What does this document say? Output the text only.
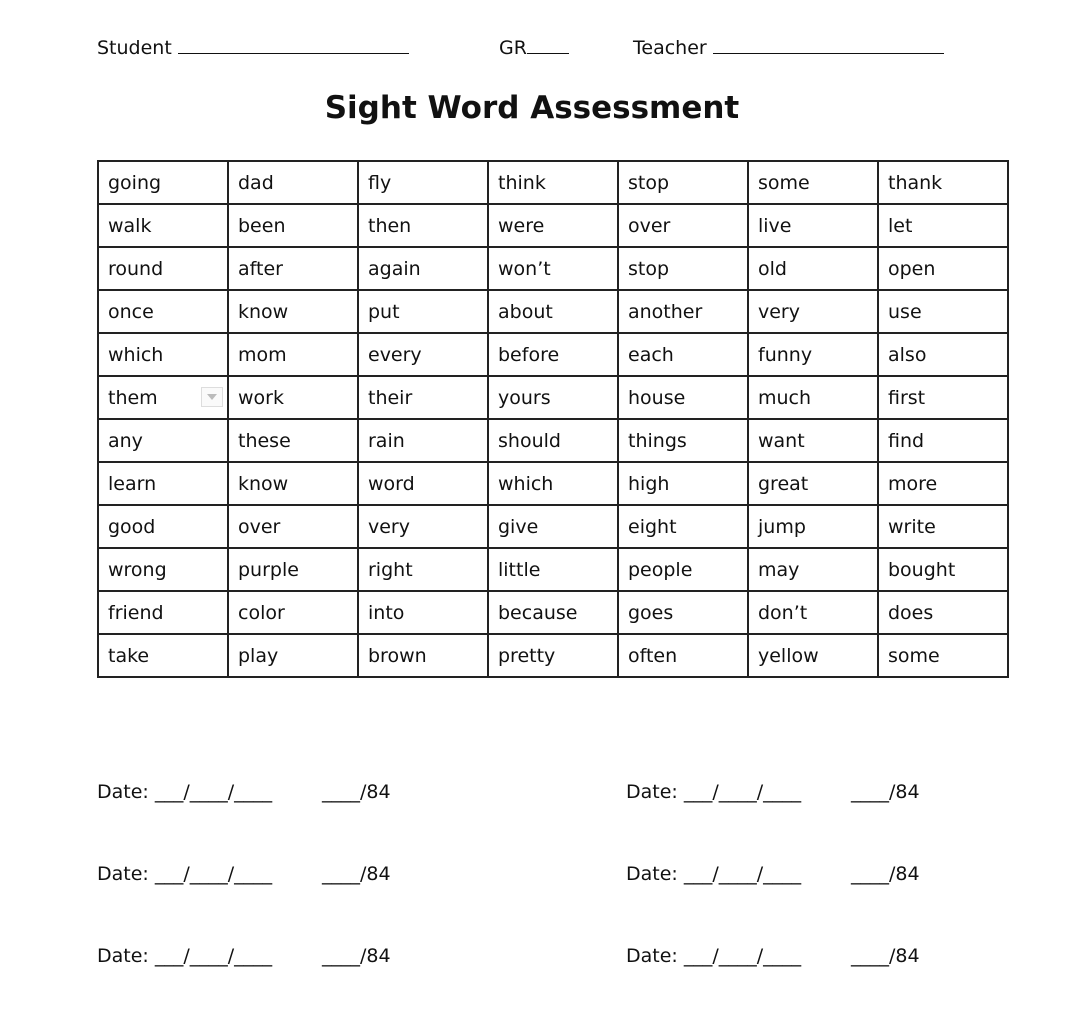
Student	GR	Teacher
Sight Word Assessment
going	dad	fly	think	stop	some	thank
walk	been	then	were	over	live	let
round	after	again	won’t	stop	old	open
once	know	put	about	another	very	use
which	mom	every	before	each	funny	also
them	work	their	yours	house	much	first
any	these	rain	should	things	want	find
learn	know	word	which	high	great	more
good	over	very	give	eight	jump	write
wrong	purple	right	little	people	may	bought
friend	color	into	because	goes	don’t	does
take	play	brown	pretty	often	yellow	some
Date: ___/____/____	____/84	Date: ___/____/____	____/84
Date: ___/____/____	____/84	Date: ___/____/____	____/84
Date: ___/____/____	____/84	Date: ___/____/____	____/84
